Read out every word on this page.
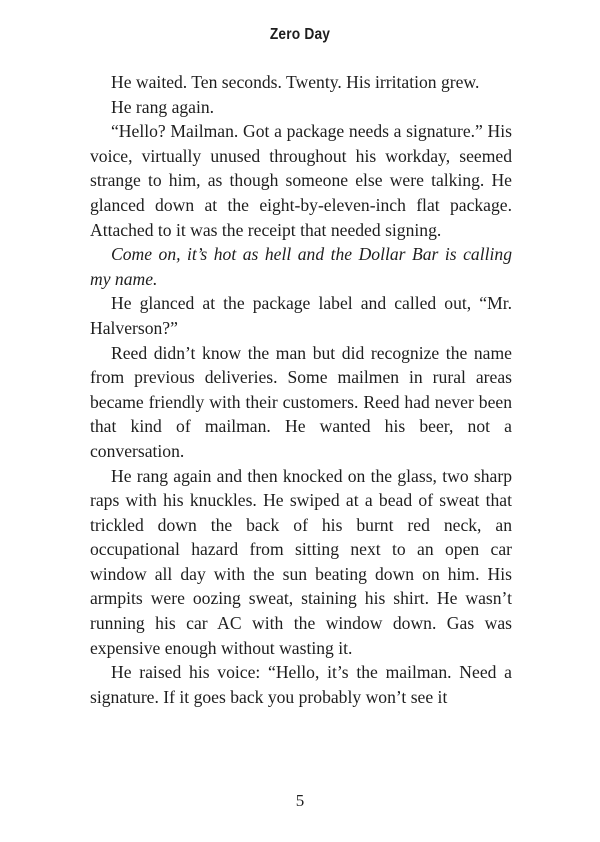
Zero Day

He waited. Ten seconds. Twenty. His irritation grew.

He rang again.

“Hello? Mailman. Got a package needs a signature.” His voice, virtually unused throughout his workday, seemed strange to him, as though someone else were talking. He glanced down at the eight-by-eleven-inch flat package. Attached to it was the receipt that needed signing.

Come on, it’s hot as hell and the Dollar Bar is calling my name.

He glanced at the package label and called out, “Mr. Halverson?”

Reed didn’t know the man but did recognize the name from previous deliveries. Some mailmen in rural areas became friendly with their customers. Reed had never been that kind of mailman. He wanted his beer, not a conversation.

He rang again and then knocked on the glass, two sharp raps with his knuckles. He swiped at a bead of sweat that trickled down the back of his burnt red neck, an occupational hazard from sitting next to an open car window all day with the sun beating down on him. His armpits were oozing sweat, staining his shirt. He wasn’t running his car AC with the window down. Gas was expensive enough without wasting it.

He raised his voice: “Hello, it’s the mailman. Need a signature. If it goes back you probably won’t see it

5
